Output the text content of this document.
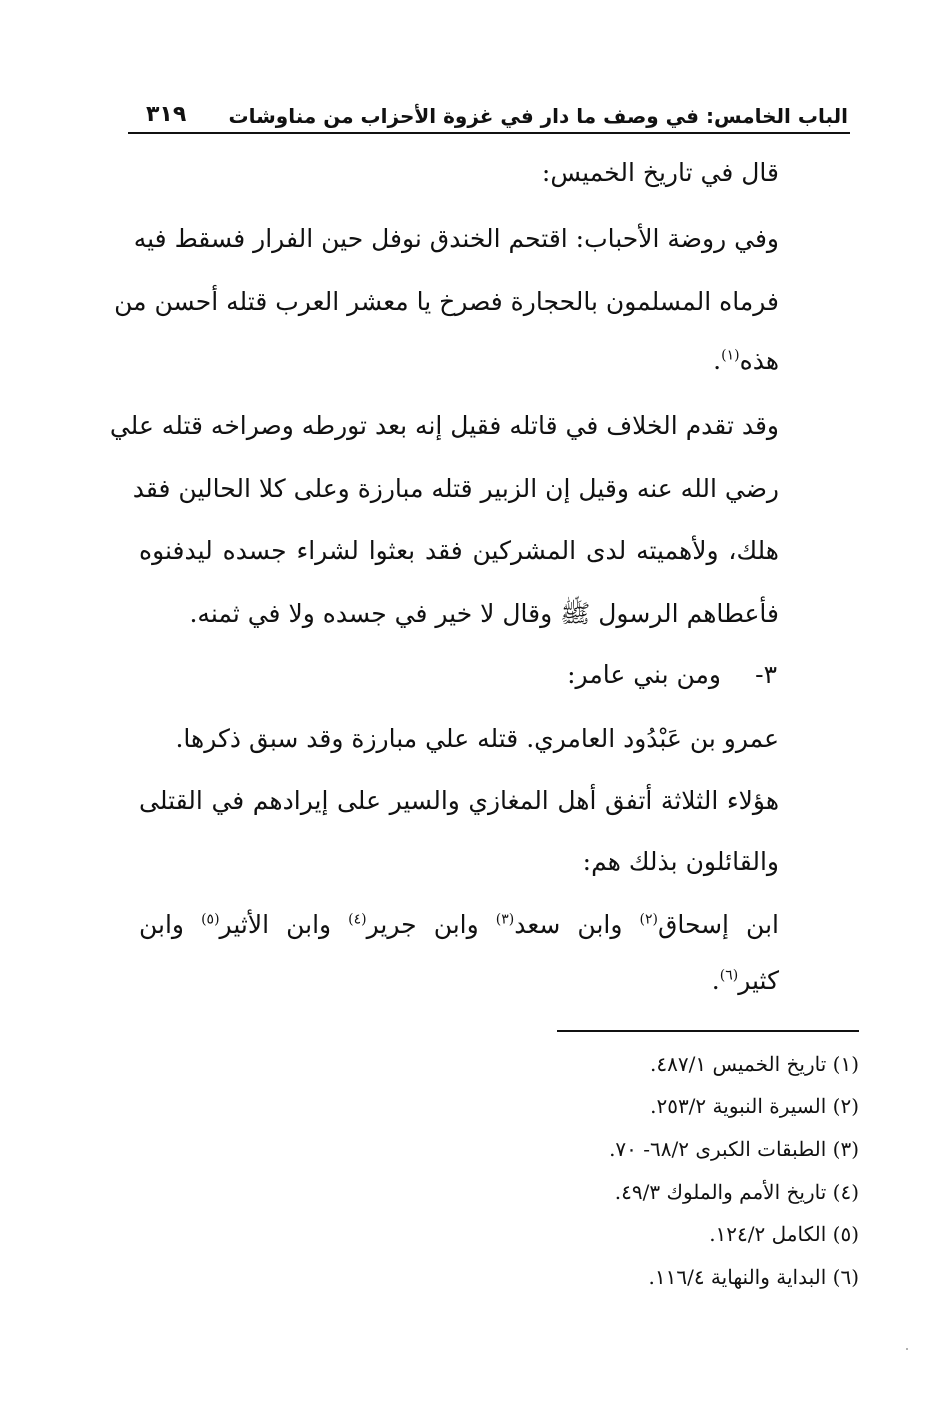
الباب الخامس: في وصف ما دار في غزوة الأحزاب من مناوشات
٣١٩
قال في تاريخ الخميس:
وفي روضة الأحباب: اقتحم الخندق نوفل حين الفرار فسقط فيه
فرماه المسلمون بالحجارة فصرخ يا معشر العرب قتله أحسن من
هذه$^{(١)}$.
وقد تقدم الخلاف في قاتله فقيل إنه بعد تورطه وصراخه قتله علي
رضي الله عنه وقيل إن الزبير قتله مبارزة وعلى كلا الحالين فقد
هلك، ولأهميته لدى المشركين فقد بعثوا لشراء جسده ليدفنوه
فأعطاهم الرسول ﷺ وقال لا خير في جسده ولا في ثمنه.
٣-
ومن بني عامر:
عمرو بن عَبْدُود العامري. قتله علي مبارزة وقد سبق ذكرها.
هؤلاء الثلاثة أتفق أهل المغازي والسير على إيرادهم في القتلى
والقائلون بذلك هم:
ابن إسحاق$^{(٢)}$ وابن سعد$^{(٣)}$ وابن جرير$^{(٤)}$ وابن الأثير$^{(٥)}$ وابن
كثير$^{(٦)}$.
(١) تاريخ الخميس ٤٨٧/١.
(٢) السيرة النبوية ٢٥٣/٢.
(٣) الطبقات الكبرى ٦٨/٢- ٧٠.
(٤) تاريخ الأمم والملوك ٤٩/٣.
(٥) الكامل ١٢٤/٢.
(٦) البداية والنهاية ١١٦/٤.
